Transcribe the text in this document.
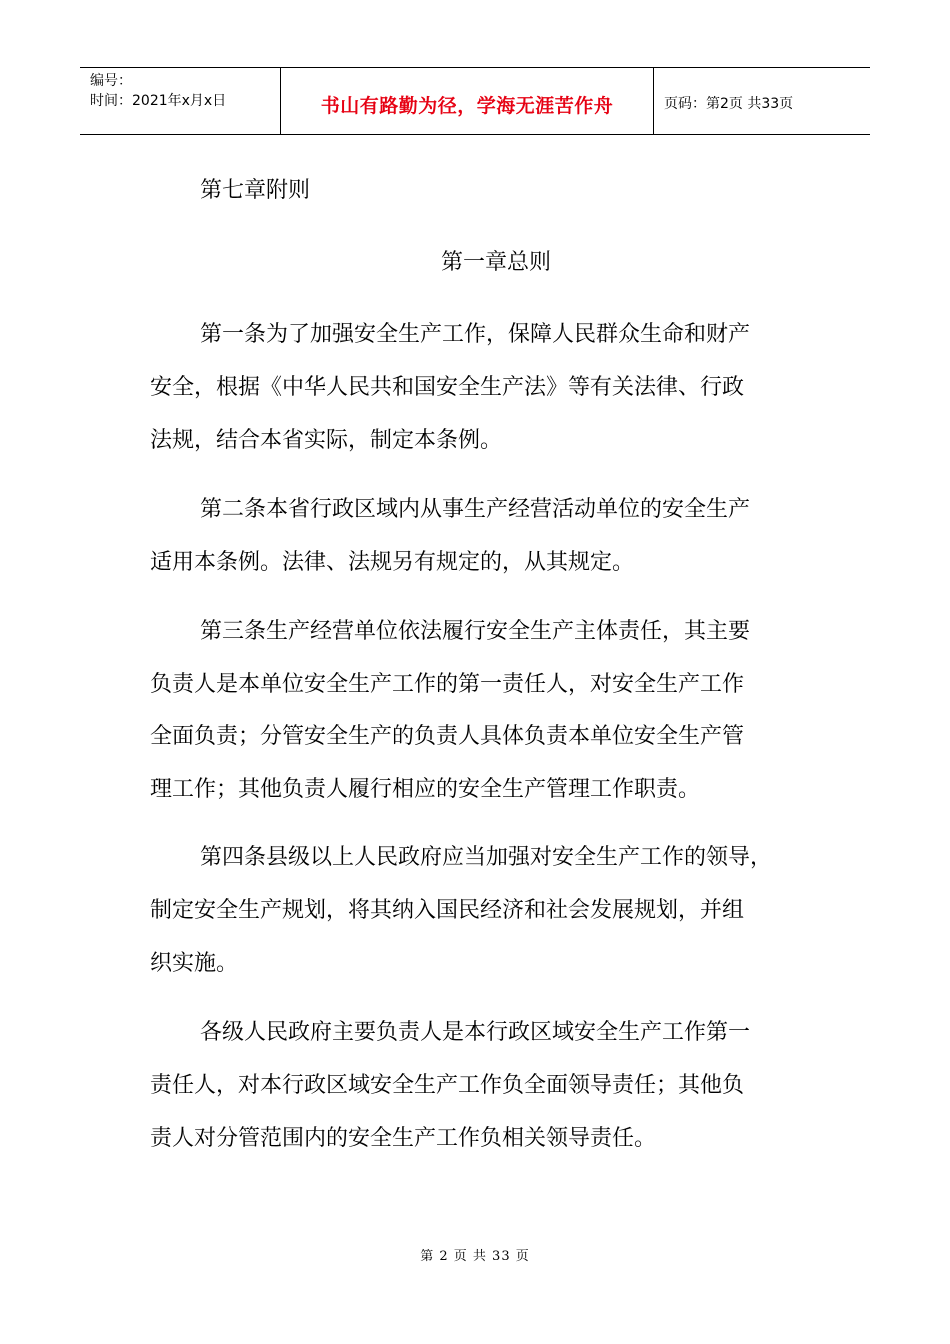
编号：
时间：2021年x月x日	书山有路勤为径，学海无涯苦作舟	页码：第2页 共33页
第七章附则
第一章总则
第一条为了加强安全生产工作，保障人民群众生命和财产
安全，根据《中华人民共和国安全生产法》等有关法律、行政
法规，结合本省实际，制定本条例。
第二条本省行政区域内从事生产经营活动单位的安全生产
适用本条例。法律、法规另有规定的，从其规定。
第三条生产经营单位依法履行安全生产主体责任，其主要
负责人是本单位安全生产工作的第一责任人，对安全生产工作
全面负责；分管安全生产的负责人具体负责本单位安全生产管
理工作；其他负责人履行相应的安全生产管理工作职责。
第四条县级以上人民政府应当加强对安全生产工作的领导，
制定安全生产规划，将其纳入国民经济和社会发展规划，并组
织实施。
各级人民政府主要负责人是本行政区域安全生产工作第一
责任人，对本行政区域安全生产工作负全面领导责任；其他负
责人对分管范围内的安全生产工作负相关领导责任。
第 2 页 共 33 页
